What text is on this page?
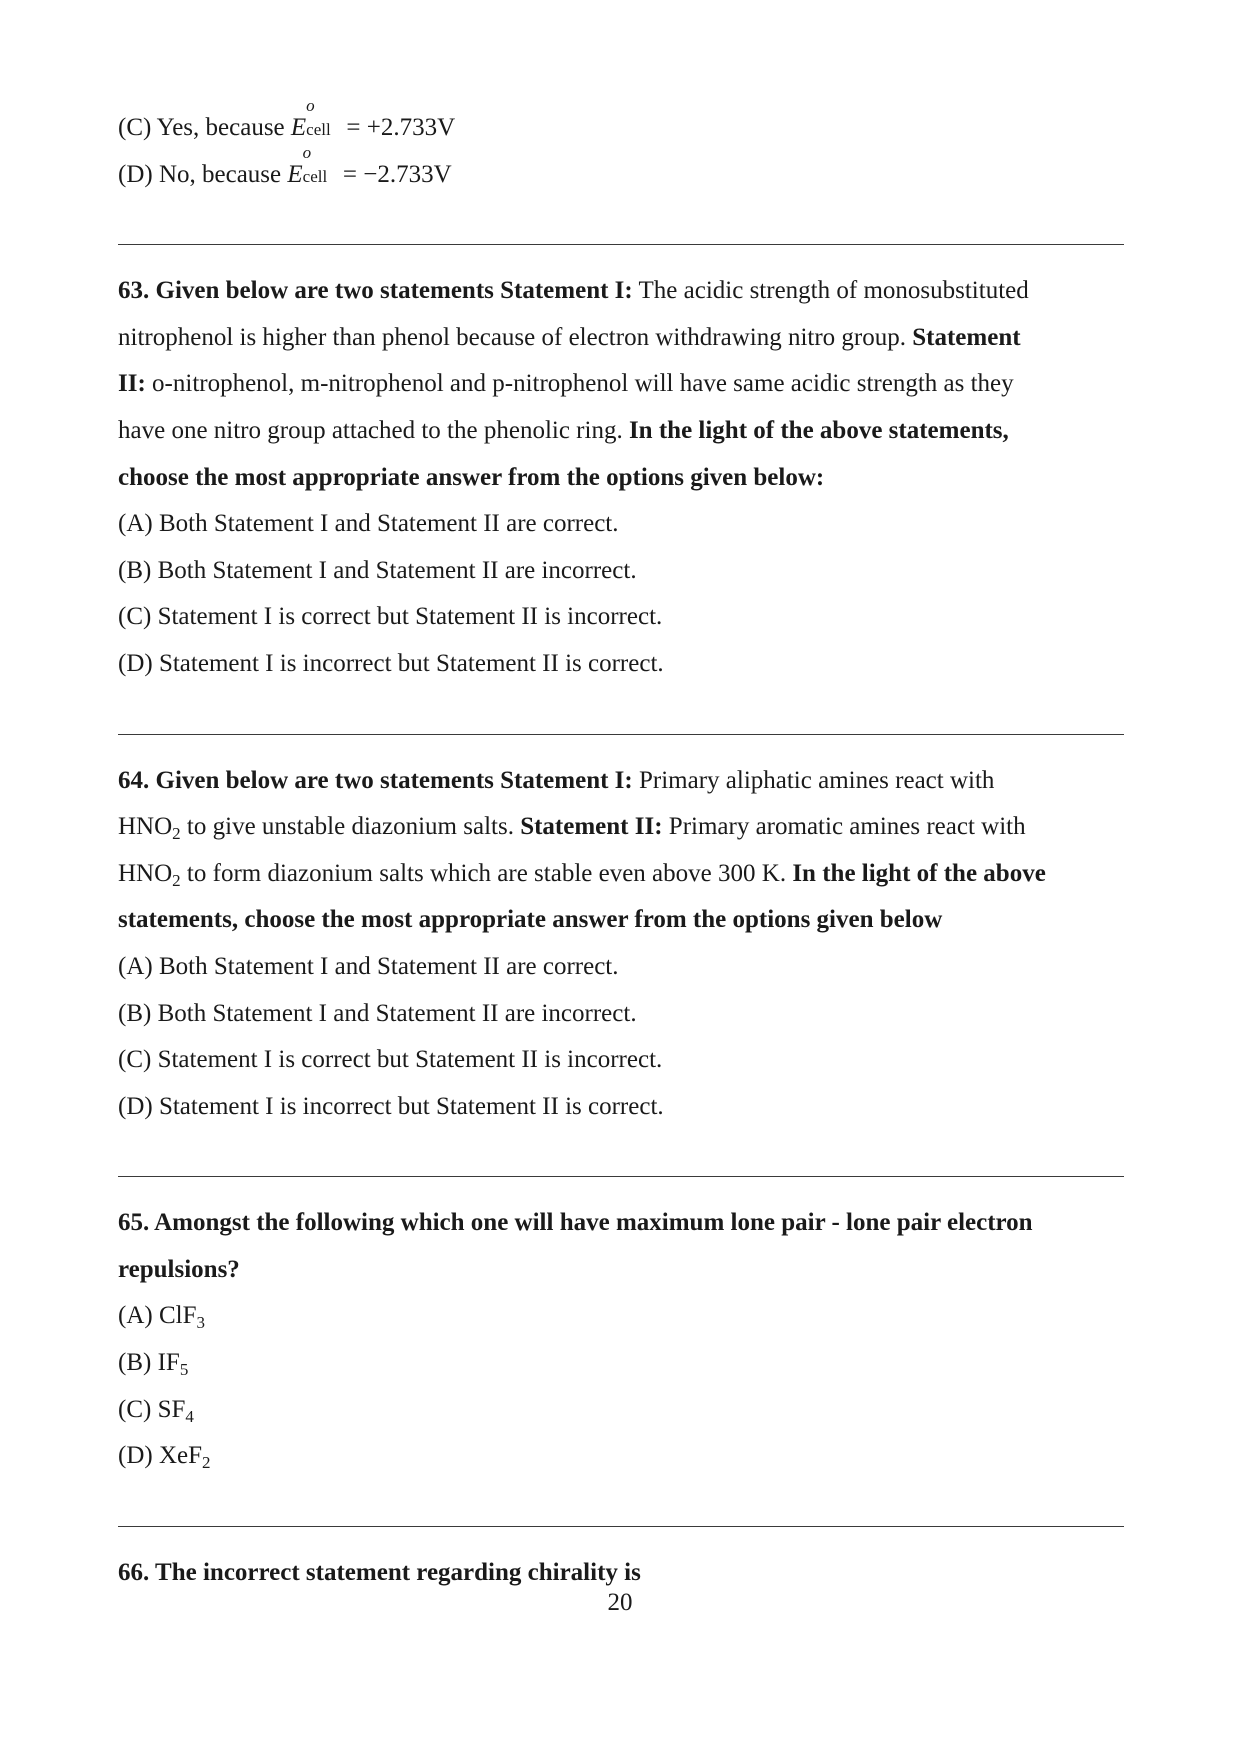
(C) Yes, because E
o
cell = +2.733V
(D) No, because E
o
cell = −2.733V
63. Given below are two statements Statement I: The acidic strength of monosubstituted
nitrophenol is higher than phenol because of electron withdrawing nitro group. Statement
II: o-nitrophenol, m-nitrophenol and p-nitrophenol will have same acidic strength as they
have one nitro group attached to the phenolic ring. In the light of the above statements,
choose the most appropriate answer from the options given below:
(A) Both Statement I and Statement II are correct.
(B) Both Statement I and Statement II are incorrect.
(C) Statement I is correct but Statement II is incorrect.
(D) Statement I is incorrect but Statement II is correct.
64. Given below are two statements Statement I: Primary aliphatic amines react with
$HNO_2$ to give unstable diazonium salts. Statement II: Primary aromatic amines react with
$HNO_2$ to form diazonium salts which are stable even above 300 K. In the light of the above
statements, choose the most appropriate answer from the options given below
(A) Both Statement I and Statement II are correct.
(B) Both Statement I and Statement II are incorrect.
(C) Statement I is correct but Statement II is incorrect.
(D) Statement I is incorrect but Statement II is correct.
65. Amongst the following which one will have maximum lone pair - lone pair electron
repulsions?
(A) ClF$_3$
(B) $IF_5$
(C) $SF_4$
(D) XeF$_2$
66. The incorrect statement regarding chirality is
20
